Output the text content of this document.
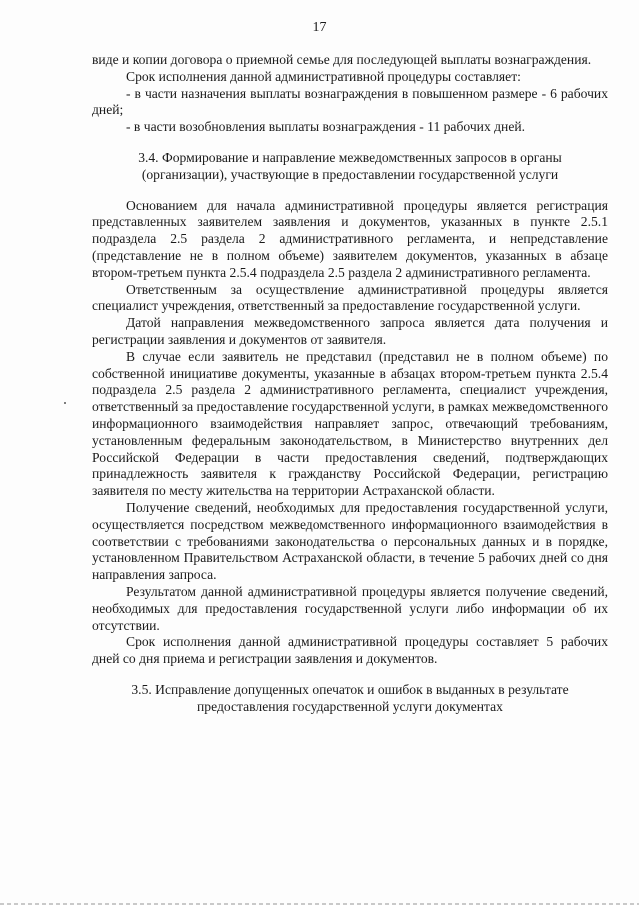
17

виде и копии договора о приемной семье для последующей выплаты вознаграждения.

Срок исполнения данной административной процедуры составляет:

- в части назначения выплаты вознаграждения в повышенном размере - 6 рабочих дней;

- в части возобновления выплаты вознаграждения - 11 рабочих дней.

3.4. Формирование и направление межведомственных запросов в органы
(организации), участвующие в предоставлении государственной услуги

Основанием для начала административной процедуры является регистрация представленных заявителем заявления и документов, указанных в пункте 2.5.1 подраздела 2.5 раздела 2 административного регламента, и непредставление (представление не в полном объеме) заявителем документов, указанных в абзаце втором-третьем пункта 2.5.4 подраздела 2.5 раздела 2 административного регламента.

Ответственным за осуществление административной процедуры является специалист учреждения, ответственный за предоставление государственной услуги.

Датой направления межведомственного запроса является дата получения и регистрации заявления и документов от заявителя.

В случае если заявитель не представил (представил не в полном объеме) по собственной инициативе документы, указанные в абзацах втором-третьем пункта 2.5.4 подраздела 2.5 раздела 2 административного регламента, специалист учреждения, ответственный за предоставление государственной услуги, в рамках межведомственного информационного взаимодействия направляет запрос, отвечающий требованиям, установленным федеральным законодательством, в Министерство внутренних дел Российской Федерации в части предоставления сведений, подтверждающих принадлежность заявителя к гражданству Российской Федерации, регистрацию заявителя по месту жительства на территории Астраханской области.

Получение сведений, необходимых для предоставления государственной услуги, осуществляется посредством межведомственного информационного взаимодействия в соответствии с требованиями законодательства о персональных данных и в порядке, установленном Правительством Астраханской области, в течение 5 рабочих дней со дня направления запроса.

Результатом данной административной процедуры является получение сведений, необходимых для предоставления государственной услуги либо информации об их отсутствии.

Срок исполнения данной административной процедуры составляет 5 рабочих дней со дня приема и регистрации заявления и документов.

3.5. Исправление допущенных опечаток и ошибок в выданных в результате
предоставления государственной услуги документах
